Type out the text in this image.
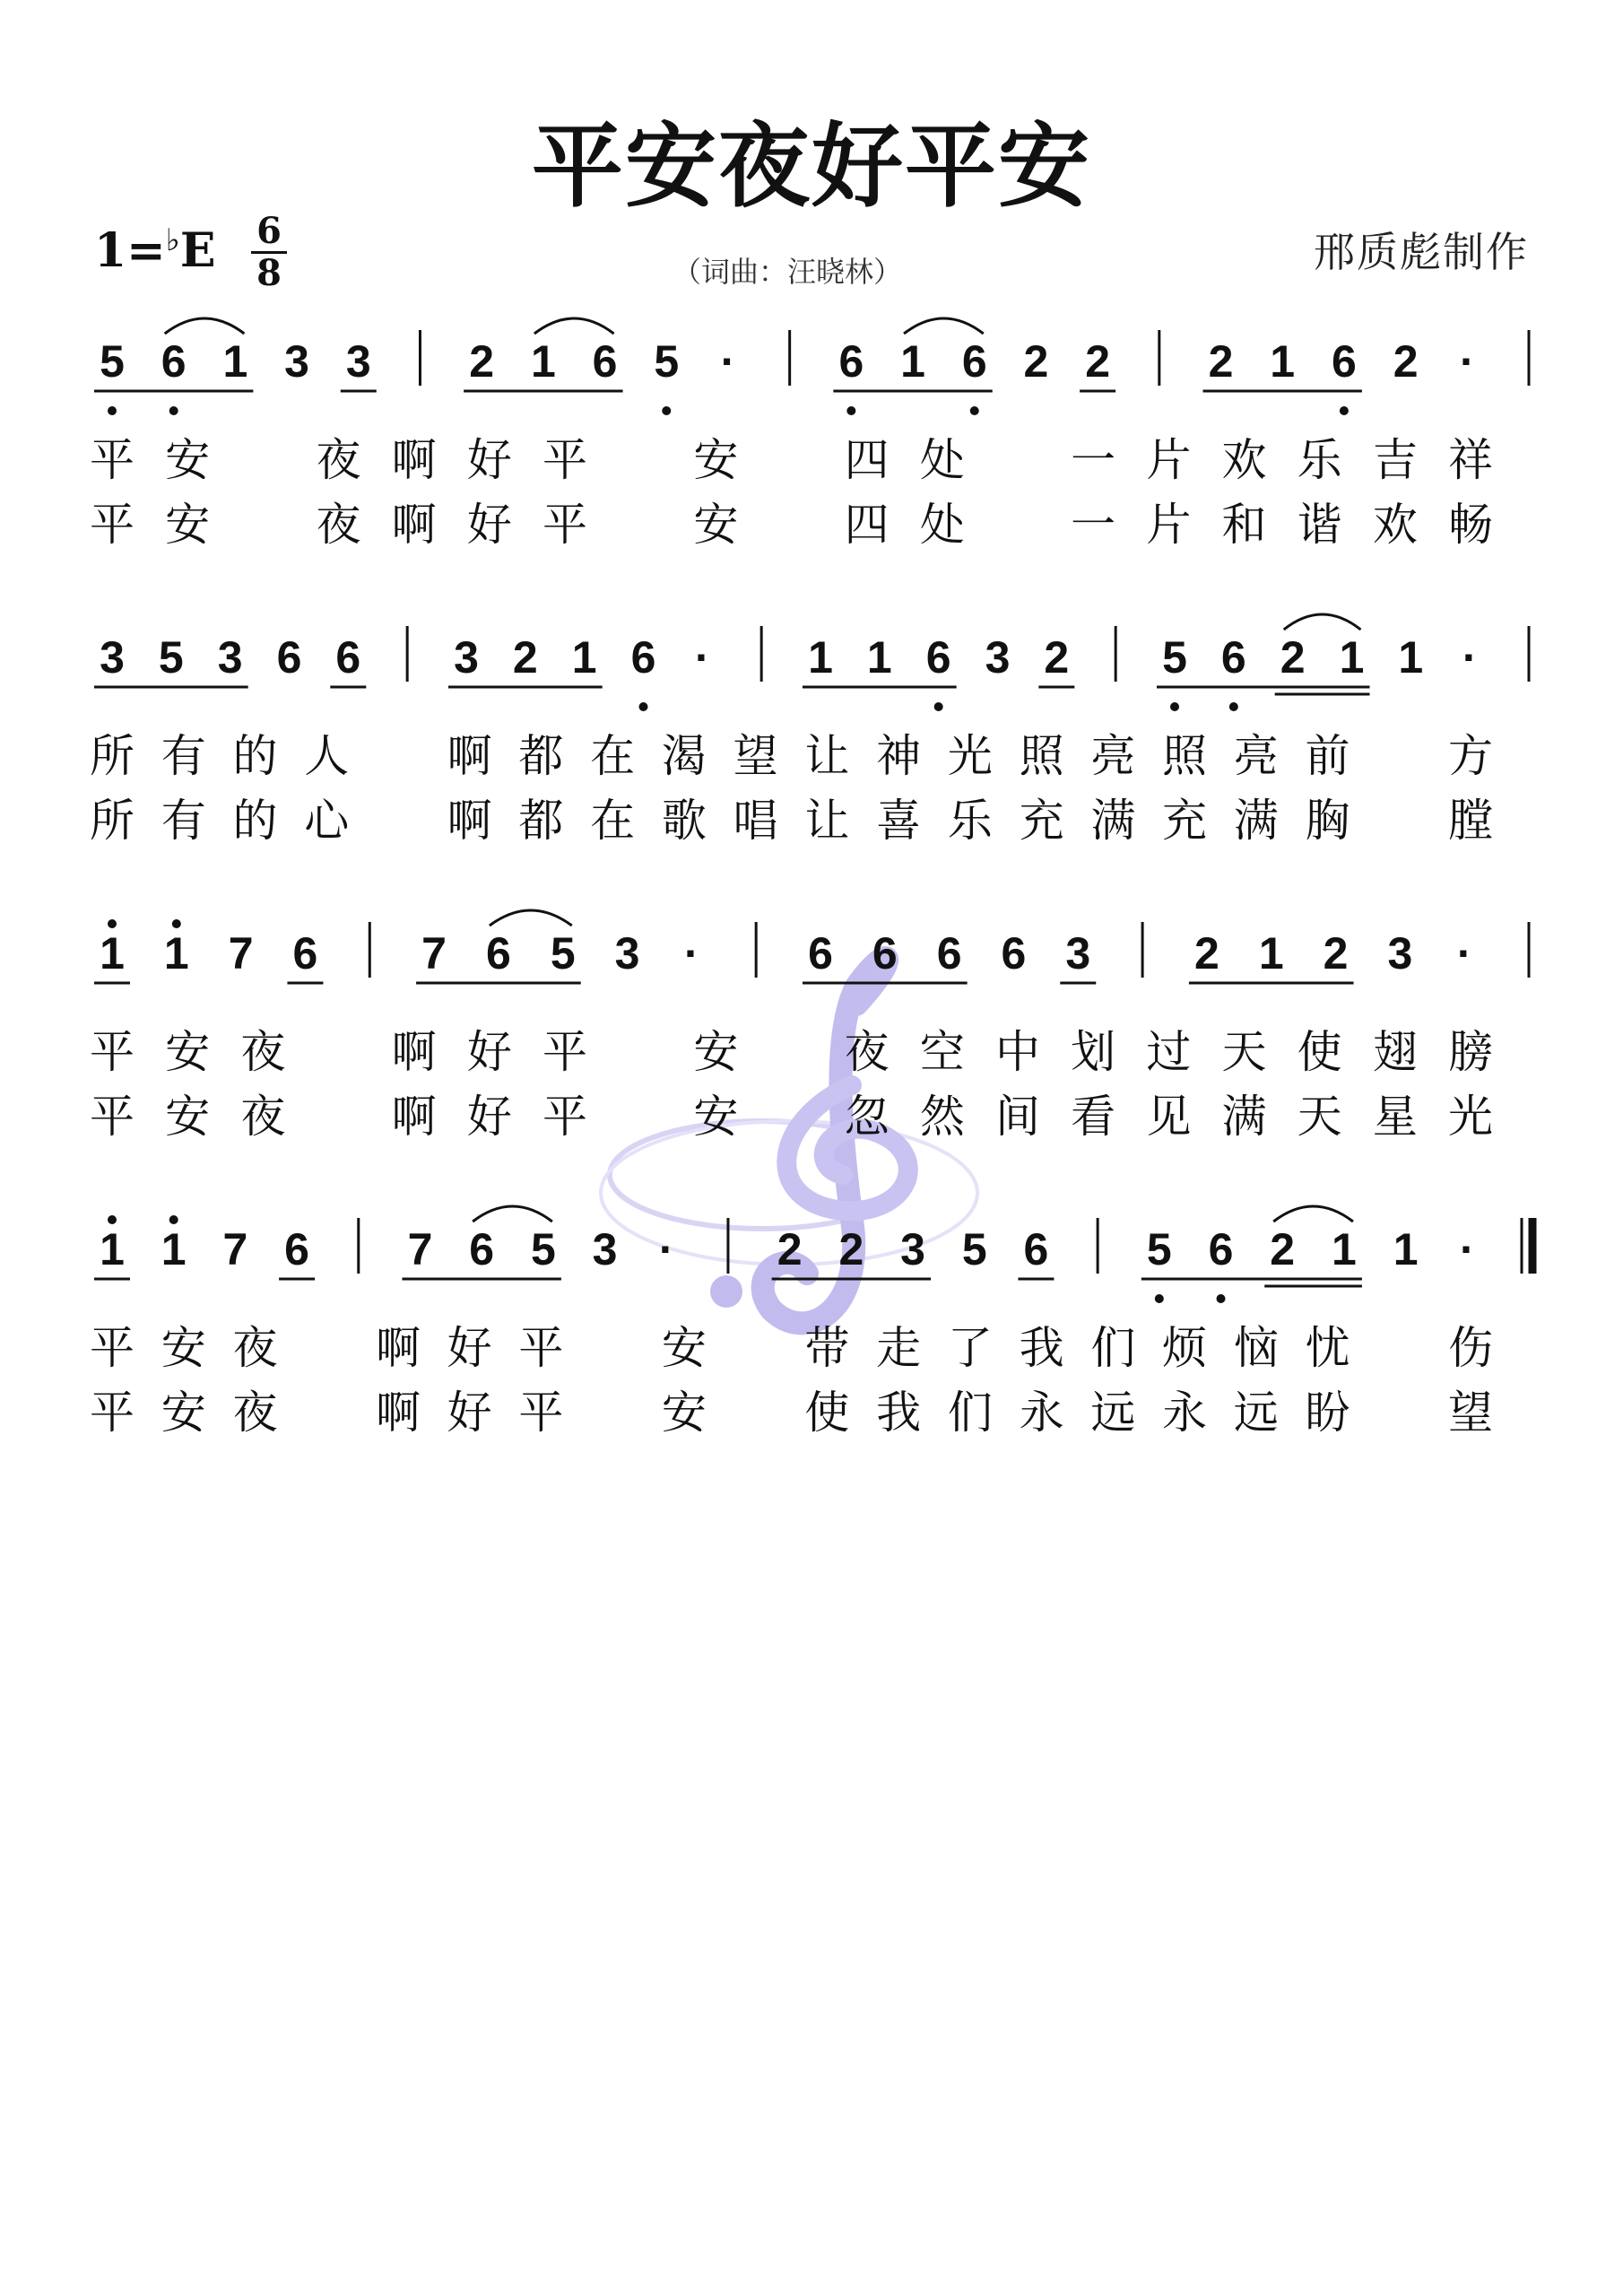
平安夜好平安
1=♭E 6
8	（词曲：汪晓林）	邢质彪制作
5 6 1 3 3 2 1 6 5 · 6 1 6 2 2 2 1 6 2 ·
平 安 夜 啊 好 平 安 四 处 一 片 欢 乐 吉 祥
平 安 夜 啊 好 平 安 四 处 一 片 和 谐 欢 畅
3 5 3 6 6 3 2 1 6 · 1 1 6 3 2 5 6 2 1 1 ·
所 有 的 人 啊 都 在 渴 望 让 神 光 照 亮 照 亮 前 方
所 有 的 心 啊 都 在 歌 唱 让 喜 乐 充 满 充 满 胸 膛
1 1 7 6 7 6 5 3 · 6 6 6 6 3 2 1 2 3 ·
平 安 夜 啊 好 平 安 夜 空 中 划 过 天 使 翅 膀
平 安 夜 啊 好 平 安 忽 然 间 看 见 满 天 星 光
1 1 7 6 7 6 5 3 · 2 2 3 5 6 5 6 2 1 1 ·
平 安 夜 啊 好 平 安 带 走 了 我 们 烦 恼 忧 伤
平 安 夜 啊 好 平 安 使 我 们 永 远 永 远 盼 望
